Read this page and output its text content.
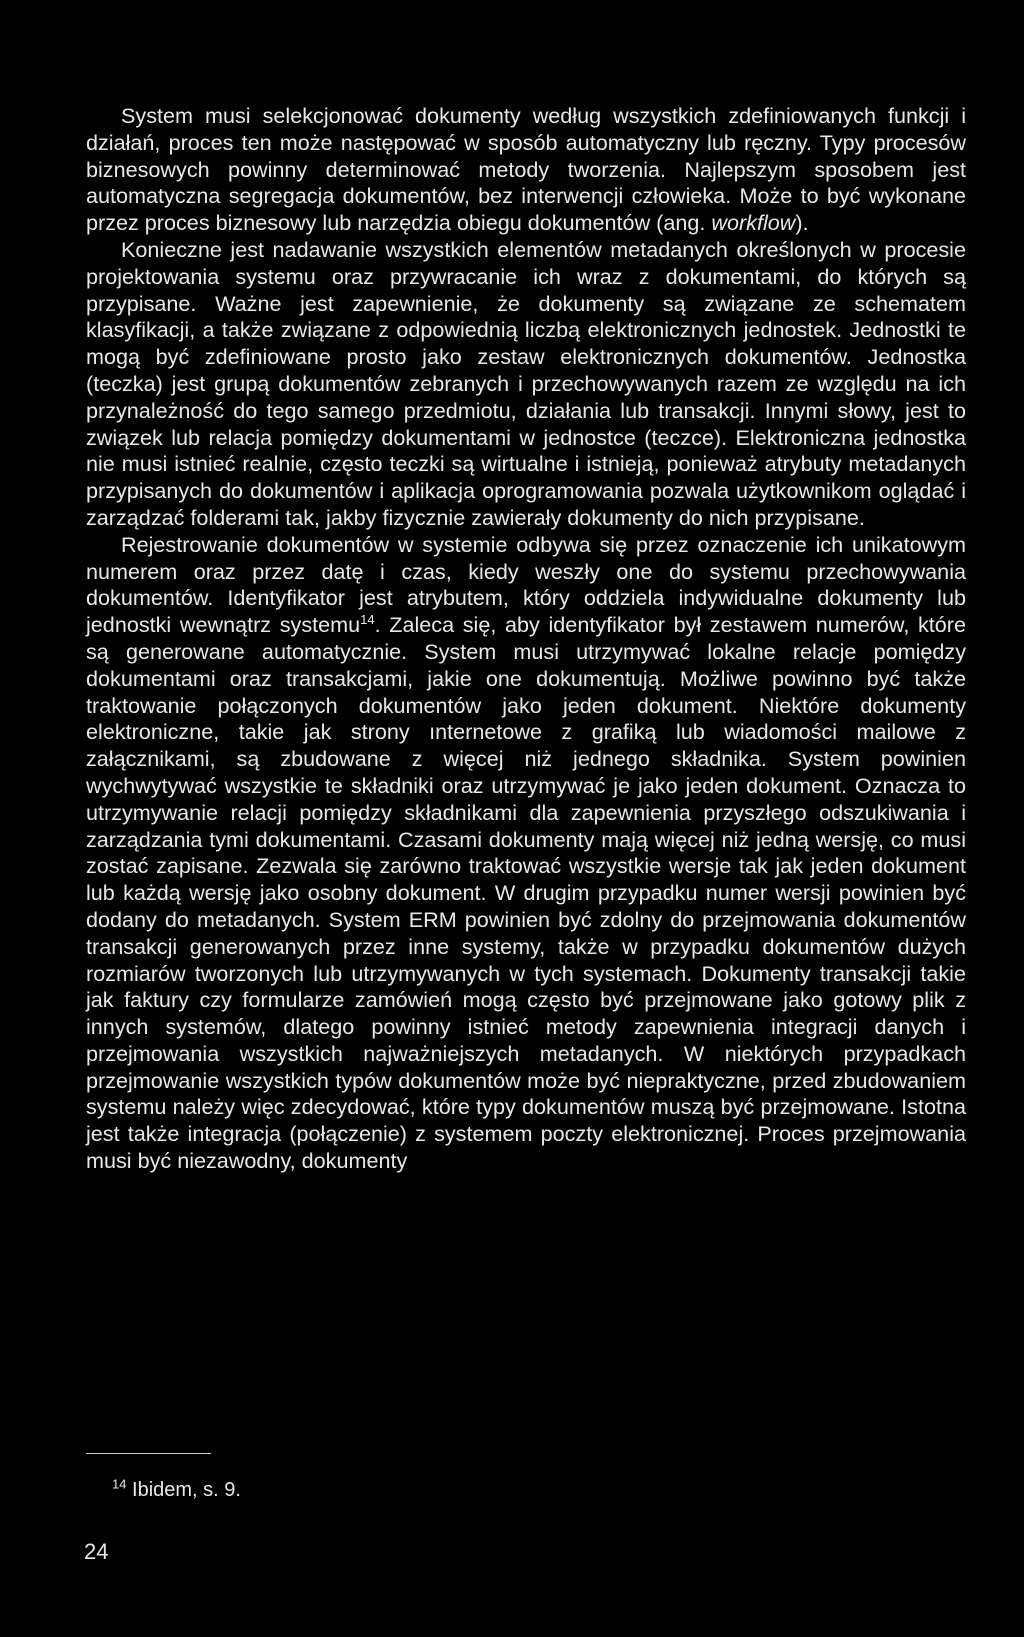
System musi selekcjonować dokumenty według wszystkich zdefiniowanych funkcji i działań, proces ten może następować w sposób automatyczny lub ręczny. Typy procesów biznesowych powinny determinować metody tworzenia. Najlepszym sposobem jest automatyczna segregacja dokumentów, bez interwencji człowieka. Może to być wykonane przez proces biznesowy lub narzędzia obiegu dokumentów (ang. workflow).

Konieczne jest nadawanie wszystkich elementów metadanych określonych w procesie projektowania systemu oraz przywracanie ich wraz z dokumentami, do których są przypisane. Ważne jest zapewnienie, że dokumenty są związane ze schematem klasyfikacji, a także związane z odpowiednią liczbą elektronicznych jednostek. Jednostki te mogą być zdefiniowane prosto jako zestaw elektronicznych dokumentów. Jednostka (teczka) jest grupą dokumentów zebranych i przechowywanych razem ze względu na ich przynależność do tego samego przedmiotu, działania lub transakcji. Innymi słowy, jest to związek lub relacja pomiędzy dokumentami w jednostce (teczce). Elektroniczna jednostka nie musi istnieć realnie, często teczki są wirtualne i istnieją, ponieważ atrybuty metadanych przypisanych do dokumentów i aplikacja oprogramowania pozwala użytkownikom oglądać i zarządzać folderami tak, jakby fizycznie zawierały dokumenty do nich przypisane.

Rejestrowanie dokumentów w systemie odbywa się przez oznaczenie ich unikatowym numerem oraz przez datę i czas, kiedy weszły one do systemu przechowywania dokumentów. Identyfikator jest atrybutem, który oddziela indywidualne dokumenty lub jednostki wewnątrz systemu$^{14}$. Zaleca się, aby identyfikator był zestawem numerów, które są generowane automatycznie. System musi utrzymywać lokalne relacje pomiędzy dokumentami oraz transakcjami, jakie one dokumentują. Możliwe powinno być także traktowanie połączonych dokumentów jako jeden dokument. Niektóre dokumenty elektroniczne, takie jak strony ınternetowe z grafiką lub wiadomości mailowe z załącznikami, są zbudowane z więcej niż jednego składnika. System powinien wychwytywać wszystkie te składniki oraz utrzymywać je jako jeden dokument. Oznacza to utrzymywanie relacji pomiędzy składnikami dla zapewnienia przyszłego odszukiwania i zarządzania tymi dokumentami. Czasami dokumenty mają więcej niż jedną wersję, co musi zostać zapisane. Zezwala się zarówno traktować wszystkie wersje tak jak jeden dokument lub każdą wersję jako osobny dokument. W drugim przypadku numer wersji powinien być dodany do metadanych. System ERM powinien być zdolny do przejmowania dokumentów transakcji generowanych przez inne systemy, także w przypadku dokumentów dużych rozmiarów tworzonych lub utrzymywanych w tych systemach. Dokumenty transakcji takie jak faktury czy formularze zamówień mogą często być przejmowane jako gotowy plik z innych systemów, dlatego powinny istnieć metody zapewnienia integracji danych i przejmowania wszystkich najważniejszych metadanych. W niektórych przypadkach przejmowanie wszystkich typów dokumentów może być niepraktyczne, przed zbudowaniem systemu należy więc zdecydować, które typy dokumentów muszą być przejmowane. Istotna jest także integracja (połączenie) z systemem poczty elektronicznej. Proces przejmowania musi być niezawodny, dokumenty

$^{14}$ Ibidem, s. 9.
24
